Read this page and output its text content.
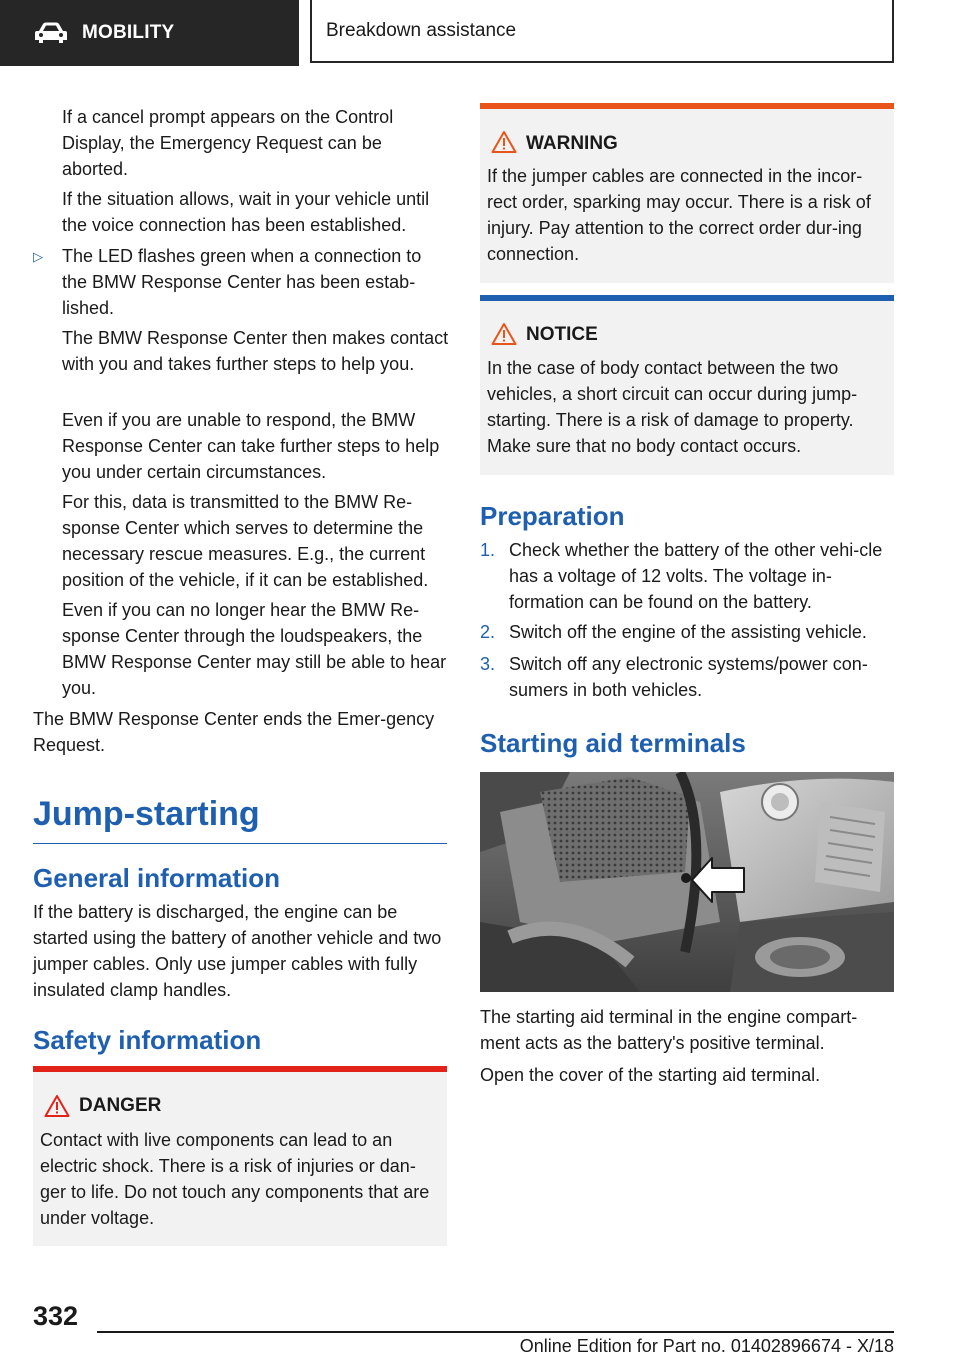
MOBILITY	Breakdown assistance

If a cancel prompt appears on the Control Display, the Emergency Request can be aborted.

If the situation allows, wait in your vehicle until the voice connection has been established.

▷ The LED flashes green when a connection to the BMW Response Center has been estab‐lished.

The BMW Response Center then makes contact with you and takes further steps to help you.

Even if you are unable to respond, the BMW Response Center can take further steps to help you under certain circumstances.

For this, data is transmitted to the BMW Re‐sponse Center which serves to determine the necessary rescue measures. E.g., the current position of the vehicle, if it can be established.

Even if you can no longer hear the BMW Re‐sponse Center through the loudspeakers, the BMW Response Center may still be able to hear you.

The BMW Response Center ends the Emer‐gency Request.

Jump-starting
General information

If the battery is discharged, the engine can be started using the battery of another vehicle and two jumper cables. Only use jumper cables with fully insulated clamp handles.

Safety information
DANGER

Contact with live components can lead to an electric shock. There is a risk of injuries or dan‐ger to life. Do not touch any components that are under voltage.

WARNING

If the jumper cables are connected in the incor‐rect order, sparking may occur. There is a risk of injury. Pay attention to the correct order dur‐ing connection.

NOTICE

In the case of body contact between the two vehicles, a short circuit can occur during jump-starting. There is a risk of damage to property. Make sure that no body contact occurs.

Preparation
1. Check whether the battery of the other vehi‐cle has a voltage of 12 volts. The voltage in‐formation can be found on the battery.

2. Switch off the engine of the assisting vehicle.

3. Switch off any electronic systems/power con‐sumers in both vehicles.

Starting aid terminals

The starting aid terminal in the engine compart‐ment acts as the battery's positive terminal.

Open the cover of the starting aid terminal.

332
Online Edition for Part no. 01402896674 - X/18
